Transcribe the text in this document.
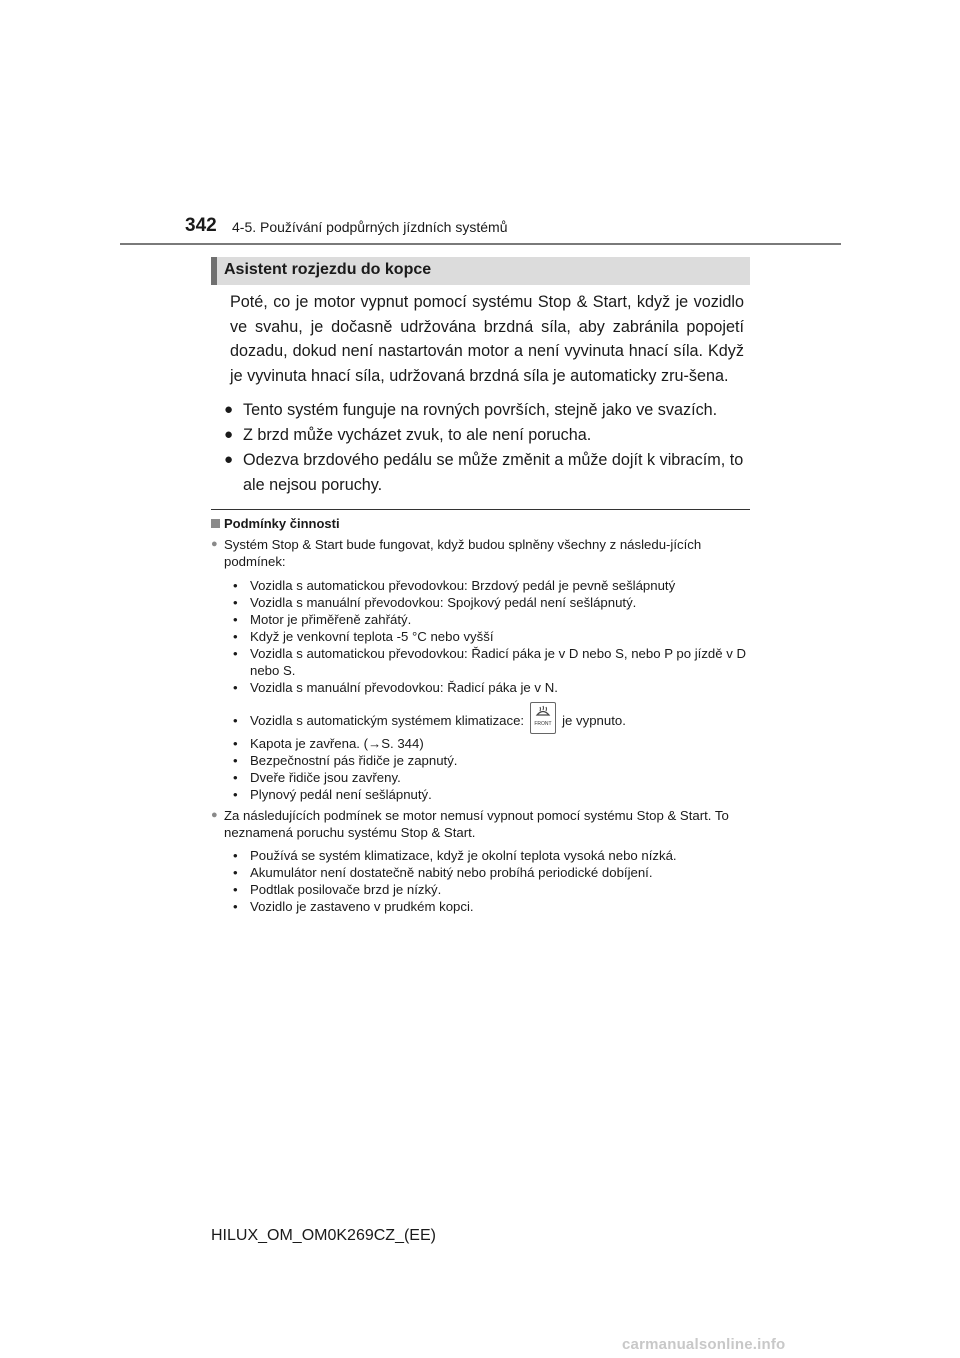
342 4-5. Používání podpůrných jízdních systémů
Asistent rozjezdu do kopce
Poté, co je motor vypnut pomocí systému Stop & Start, když je vozidlo ve svahu, je dočasně udržována brzdná síla, aby zabránila popojetí dozadu, dokud není nastartován motor a není vyvinuta hnací síla. Když je vyvinuta hnací síla, udržovaná brzdná síla je automaticky zru-šena.
● Tento systém funguje na rovných površích, stejně jako ve svazích.
● Z brzd může vycházet zvuk, to ale není porucha.
● Odezva brzdového pedálu se může změnit a může dojít k vibracím, to ale nejsou poruchy.
Podmínky činnosti
● Systém Stop & Start bude fungovat, když budou splněny všechny z následu-jících podmínek:
• Vozidla s automatickou převodovkou: Brzdový pedál je pevně sešlápnutý
• Vozidla s manuální převodovkou: Spojkový pedál není sešlápnutý.
• Motor je přiměřeně zahřátý.
• Když je venkovní teplota -5 °C nebo vyšší
• Vozidla s automatickou převodovkou: Řadicí páka je v D nebo S, nebo P po jízdě v D nebo S.
• Vozidla s manuální převodovkou: Řadicí páka je v N.
• Vozidla s automatickým systémem klimatizace: FRONT je vypnuto.
• Kapota je zavřena. (→S. 344)
• Bezpečnostní pás řidiče je zapnutý.
• Dveře řidiče jsou zavřeny.
• Plynový pedál není sešlápnutý.
● Za následujících podmínek se motor nemusí vypnout pomocí systému Stop & Start. To neznamená poruchu systému Stop & Start.
• Používá se systém klimatizace, když je okolní teplota vysoká nebo nízká.
• Akumulátor není dostatečně nabitý nebo probíhá periodické dobíjení.
• Podtlak posilovače brzd je nízký.
• Vozidlo je zastaveno v prudkém kopci.
HILUX_OM_OM0K269CZ_(EE)
carmanualsonline.info
